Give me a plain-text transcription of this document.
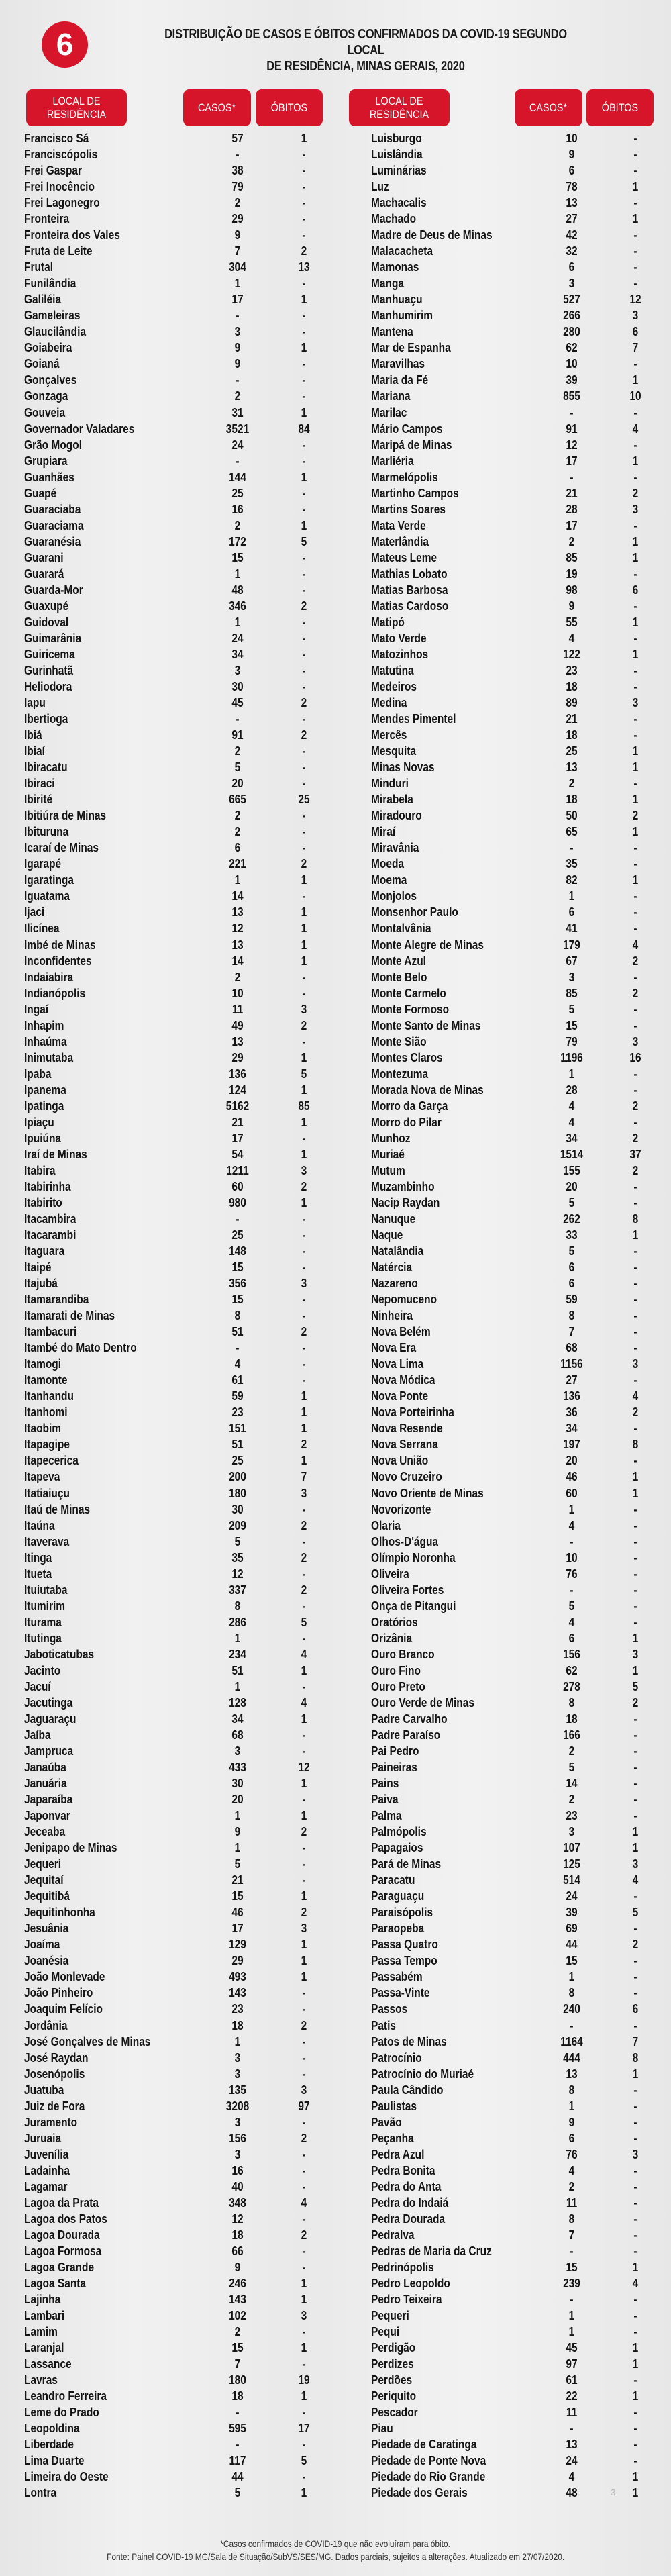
6	DISTRIBUIÇÃO DE CASOS E ÓBITOS CONFIRMADOS DA COVID-19 SEGUNDO LOCAL
DE RESIDÊNCIA, MINAS GERAIS, 2020
LOCAL DE RESIDÊNCIA
CASOS*	ÓBITOS
LOCAL DE RESIDÊNCIA
CASOS*	ÓBITOS
Francisco Sá	57	1
Franciscópolis	-	-
Frei Gaspar	38	-
Frei Inocêncio	79	-
Frei Lagonegro	2	-
Fronteira	29	-
Fronteira dos Vales	9	-
Fruta de Leite	7	2
Frutal	304	13
Funilândia	1	-
Galiléia	17	1
Gameleiras	-	-
Glaucilândia	3	-
Goiabeira	9	1
Goianá	9	-
Gonçalves	-	-
Gonzaga	2	-
Gouveia	31	1
Governador Valadares	3521	84
Grão Mogol	24	-
Grupiara	-	-
Guanhães	144	1
Guapé	25	-
Guaraciaba	16	-
Guaraciama	2	1
Guaranésia	172	5
Guarani	15	-
Guarará	1	-
Guarda-Mor	48	-
Guaxupé	346	2
Guidoval	1	-
Guimarânia	24	-
Guiricema	34	-
Gurinhatã	3	-
Heliodora	30	-
Iapu	45	2
Ibertioga	-	-
Ibiá	91	2
Ibiaí	2	-
Ibiracatu	5	-
Ibiraci	20	-
Ibirité	665	25
Ibitiúra de Minas	2	-
Ibituruna	2	-
Icaraí de Minas	6	-
Igarapé	221	2
Igaratinga	1	1
Iguatama	14	-
Ijaci	13	1
Ilicínea	12	1
Imbé de Minas	13	1
Inconfidentes	14	1
Indaiabira	2	-
Indianópolis	10	-
Ingaí	11	3
Inhapim	49	2
Inhaúma	13	-
Inimutaba	29	1
Ipaba	136	5
Ipanema	124	1
Ipatinga	5162	85
Ipiaçu	21	1
Ipuiúna	17	-
Iraí de Minas	54	1
Itabira	1211	3
Itabirinha	60	2
Itabirito	980	1
Itacambira	-	-
Itacarambi	25	-
Itaguara	148	-
Itaipé	15	-
Itajubá	356	3
Itamarandiba	15	-
Itamarati de Minas	8	-
Itambacuri	51	2
Itambé do Mato Dentro	-	-
Itamogi	4	-
Itamonte	61	-
Itanhandu	59	1
Itanhomi	23	1
Itaobim	151	1
Itapagipe	51	2
Itapecerica	25	1
Itapeva	200	7
Itatiaiuçu	180	3
Itaú de Minas	30	-
Itaúna	209	2
Itaverava	5	-
Itinga	35	2
Itueta	12	-
Ituiutaba	337	2
Itumirim	8	-
Iturama	286	5
Itutinga	1	-
Jaboticatubas	234	4
Jacinto	51	1
Jacuí	1	-
Jacutinga	128	4
Jaguaraçu	34	1
Jaíba	68	-
Jampruca	3	-
Janaúba	433	12
Januária	30	1
Japaraíba	20	-
Japonvar	1	1
Jeceaba	9	2
Jenipapo de Minas	1	-
Jequeri	5	-
Jequitaí	21	-
Jequitibá	15	1
Jequitinhonha	46	2
Jesuânia	17	3
Joaíma	129	1
Joanésia	29	1
João Monlevade	493	1
João Pinheiro	143	-
Joaquim Felício	23	-
Jordânia	18	2
José Gonçalves de Minas	1	-
José Raydan	3	-
Josenópolis	3	-
Juatuba	135	3
Juiz de Fora	3208	97
Juramento	3	-
Juruaia	156	2
Juvenília	3	-
Ladainha	16	-
Lagamar	40	-
Lagoa da Prata	348	4
Lagoa dos Patos	12	-
Lagoa Dourada	18	2
Lagoa Formosa	66	-
Lagoa Grande	9	-
Lagoa Santa	246	1
Lajinha	143	1
Lambari	102	3
Lamim	2	-
Laranjal	15	1
Lassance	7	-
Lavras	180	19
Leandro Ferreira	18	1
Leme do Prado	-	-
Leopoldina	595	17
Liberdade	-	-
Lima Duarte	117	5
Limeira do Oeste	44	-
Lontra	5	1
Luisburgo	10	-
Luislândia	9	-
Luminárias	6	-
Luz	78	1
Machacalis	13	-
Machado	27	1
Madre de Deus de Minas	42	-
Malacacheta	32	-
Mamonas	6	-
Manga	3	-
Manhuaçu	527	12
Manhumirim	266	3
Mantena	280	6
Mar de Espanha	62	7
Maravilhas	10	-
Maria da Fé	39	1
Mariana	855	10
Marilac	-	-
Mário Campos	91	4
Maripá de Minas	12	-
Marliéria	17	1
Marmelópolis	-	-
Martinho Campos	21	2
Martins Soares	28	3
Mata Verde	17	-
Materlândia	2	1
Mateus Leme	85	1
Mathias Lobato	19	-
Matias Barbosa	98	6
Matias Cardoso	9	-
Matipó	55	1
Mato Verde	4	-
Matozinhos	122	1
Matutina	23	-
Medeiros	18	-
Medina	89	3
Mendes Pimentel	21	-
Mercês	18	-
Mesquita	25	1
Minas Novas	13	1
Minduri	2	-
Mirabela	18	1
Miradouro	50	2
Miraí	65	1
Miravânia	-	-
Moeda	35	-
Moema	82	1
Monjolos	1	-
Monsenhor Paulo	6	-
Montalvânia	41	-
Monte Alegre de Minas	179	4
Monte Azul	67	2
Monte Belo	3	-
Monte Carmelo	85	2
Monte Formoso	5	-
Monte Santo de Minas	15	-
Monte Sião	79	3
Montes Claros	1196	16
Montezuma	1	-
Morada Nova de Minas	28	-
Morro da Garça	4	2
Morro do Pilar	4	-
Munhoz	34	2
Muriaé	1514	37
Mutum	155	2
Muzambinho	20	-
Nacip Raydan	5	-
Nanuque	262	8
Naque	33	1
Natalândia	5	-
Natércia	6	-
Nazareno	6	-
Nepomuceno	59	-
Ninheira	8	-
Nova Belém	7	-
Nova Era	68	-
Nova Lima	1156	3
Nova Módica	27	-
Nova Ponte	136	4
Nova Porteirinha	36	2
Nova Resende	34	-
Nova Serrana	197	8
Nova União	20	-
Novo Cruzeiro	46	1
Novo Oriente de Minas	60	1
Novorizonte	1	-
Olaria	4	-
Olhos-D'água	-	-
Olímpio Noronha	10	-
Oliveira	76	-
Oliveira Fortes	-	-
Onça de Pitangui	5	-
Oratórios	4	-
Orizânia	6	1
Ouro Branco	156	3
Ouro Fino	62	1
Ouro Preto	278	5
Ouro Verde de Minas	8	2
Padre Carvalho	18	-
Padre Paraíso	166	-
Pai Pedro	2	-
Paineiras	5	-
Pains	14	-
Paiva	2	-
Palma	23	-
Palmópolis	3	1
Papagaios	107	1
Pará de Minas	125	3
Paracatu	514	4
Paraguaçu	24	-
Paraisópolis	39	5
Paraopeba	69	-
Passa Quatro	44	2
Passa Tempo	15	-
Passabém	1	-
Passa-Vinte	8	-
Passos	240	6
Patis	-	-
Patos de Minas	1164	7
Patrocínio	444	8
Patrocínio do Muriaé	13	1
Paula Cândido	8	-
Paulistas	1	-
Pavão	9	-
Peçanha	6	-
Pedra Azul	76	3
Pedra Bonita	4	-
Pedra do Anta	2	-
Pedra do Indaiá	11	-
Pedra Dourada	8	-
Pedralva	7	-
Pedras de Maria da Cruz	-	-
Pedrinópolis	15	1
Pedro Leopoldo	239	4
Pedro Teixeira	-	-
Pequeri	1	-
Pequi	1	-
Perdigão	45	1
Perdizes	97	1
Perdões	61	-
Periquito	22	1
Pescador	11	-
Piau	-	-
Piedade de Caratinga	13	-
Piedade de Ponte Nova	24	-
Piedade do Rio Grande	4	1
Piedade dos Gerais	48	1
3
*Casos confirmados de COVID-19 que não evoluíram para óbito.
Fonte: Painel COVID-19 MG/Sala de Situação/SubVS/SES/MG. Dados parciais, sujeitos a alterações. Atualizado em 27/07/2020.
